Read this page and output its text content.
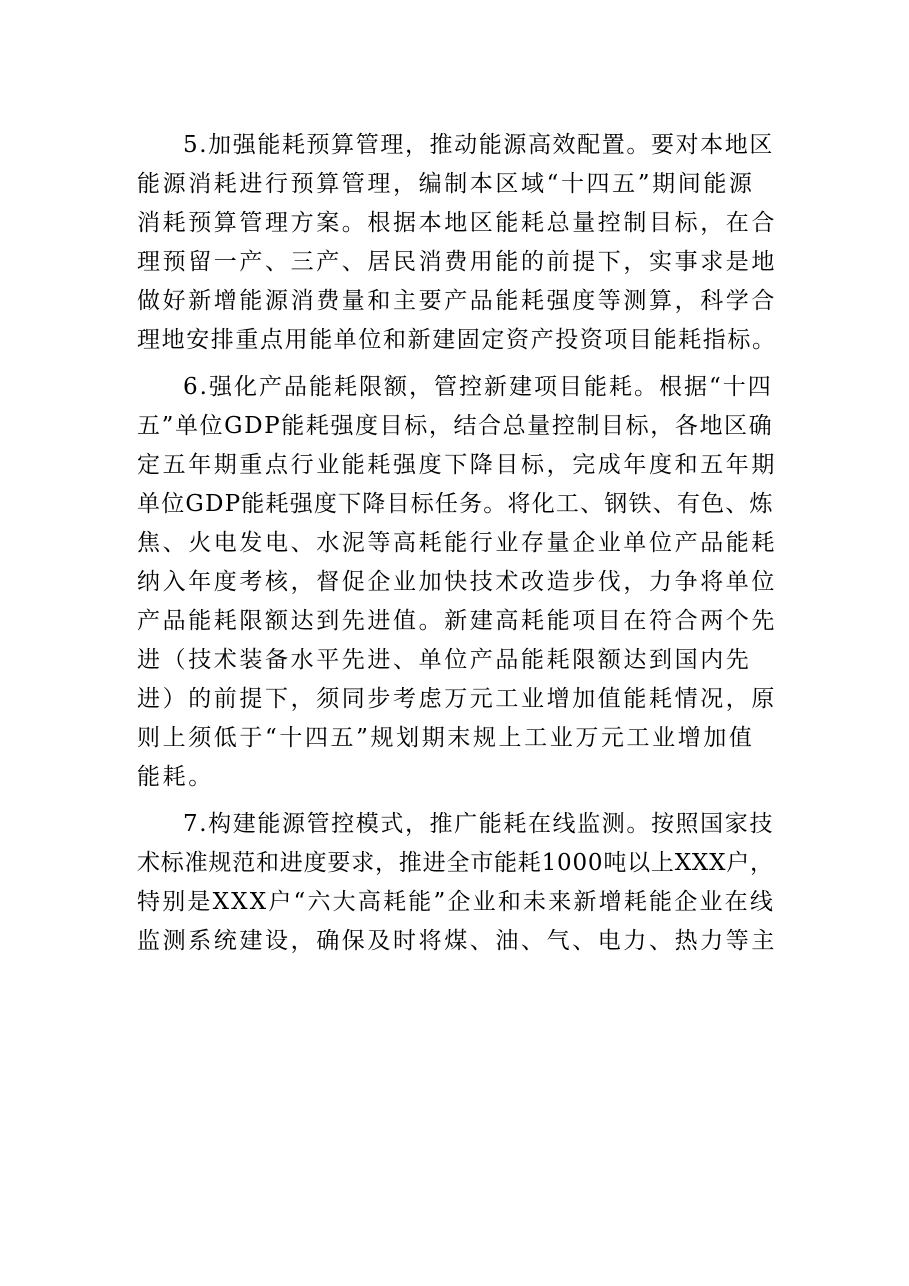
5.加强能耗预算管理，推动能源高效配置。要对本地区
能源消耗进行预算管理，编制本区域“十四五”期间能源
消耗预算管理方案。根据本地区能耗总量控制目标，在合
理预留一产、三产、居民消费用能的前提下，实事求是地
做好新增能源消费量和主要产品能耗强度等测算，科学合
理地安排重点用能单位和新建固定资产投资项目能耗指标。
6.强化产品能耗限额，管控新建项目能耗。根据“十四
五”单位GDP能耗强度目标，结合总量控制目标，各地区确
定五年期重点行业能耗强度下降目标，完成年度和五年期
单位GDP能耗强度下降目标任务。将化工、钢铁、有色、炼
焦、火电发电、水泥等高耗能行业存量企业单位产品能耗
纳入年度考核，督促企业加快技术改造步伐，力争将单位
产品能耗限额达到先进值。新建高耗能项目在符合两个先
进（技术装备水平先进、单位产品能耗限额达到国内先
进）的前提下，须同步考虑万元工业增加值能耗情况，原
则上须低于“十四五”规划期末规上工业万元工业增加值
能耗。
7.构建能源管控模式，推广能耗在线监测。按照国家技
术标准规范和进度要求，推进全市能耗1000吨以上XXX户，
特别是XXX户“六大高耗能”企业和未来新增耗能企业在线
监测系统建设，确保及时将煤、油、气、电力、热力等主
